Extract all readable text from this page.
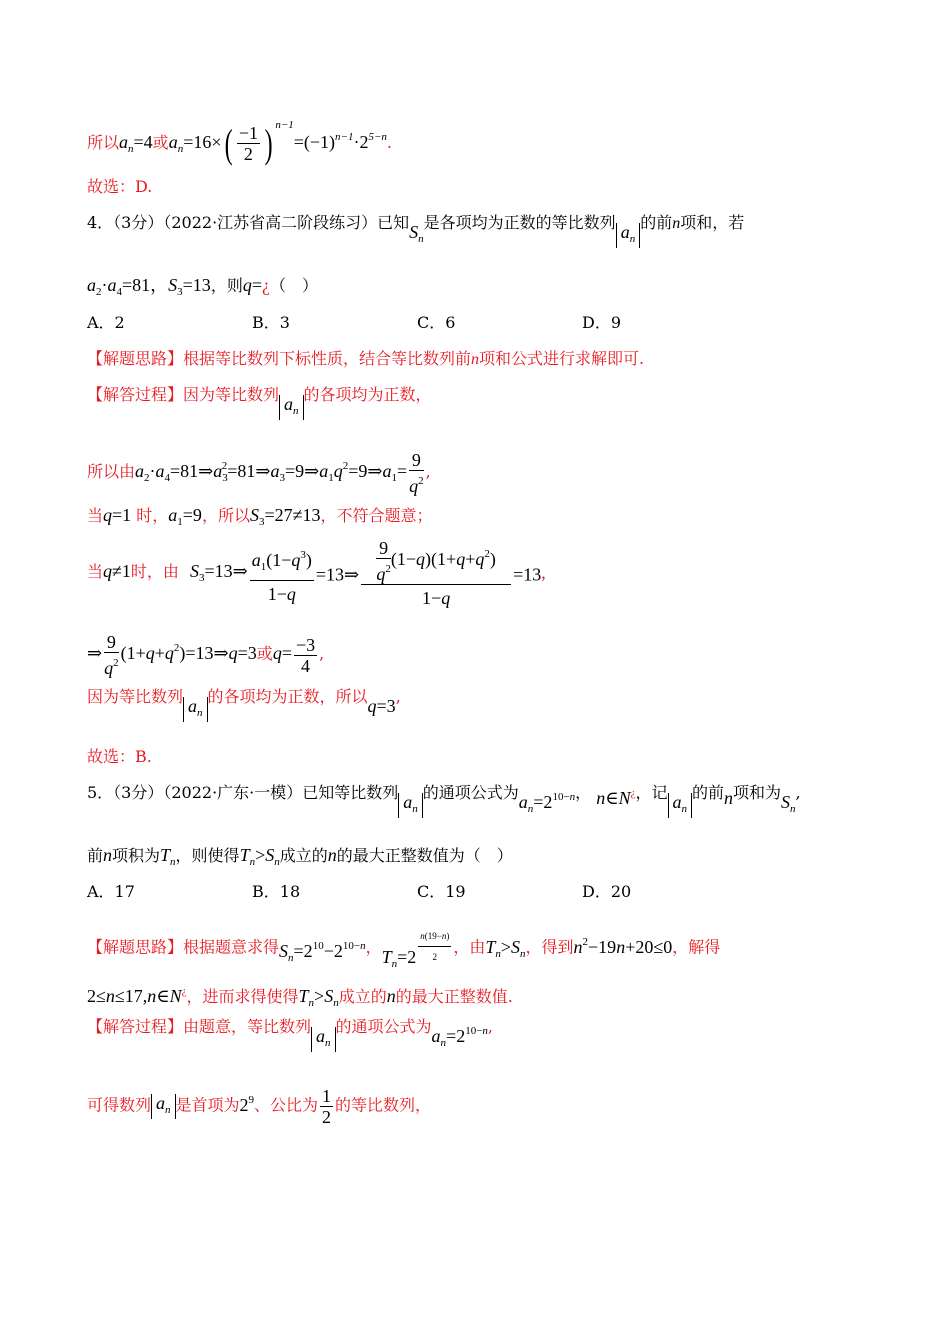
所以$a_n=4$或$a_n=16\times( \frac{-1}{2}$ ) $^{n-1}=(-1)^{n-1}\cdot 2^{5-n}$.
故选：D.
4．（3分）（2022·江苏省高二阶段练习）已知$S_n$是各项均为正数的等比数列 $a_n$的前n项和，若
$a_2\cdot a_4=81$，$S_3=13$，则q=¿（　）
A．2	B．3	C．6	D．9
【解题思路】根据等比数列下标性质，结合等比数列前n项和公式进行求解即可.
【解答过程】因为等比数列 $a_n$的各项均为正数，
所以由$a_2\cdot a_4=81\Rightarrow a_3^2=81\Rightarrow a_3=9\Rightarrow a_1q^2=9\Rightarrow a_1= \frac{9}{q^2}$ ,
当q=1 时，$a_1=9$，所以$S_3=27\ne 13$，不符合题意；
当q≠1时，由 $S_3=13\Rightarrow \frac{a_1(1-q^3)}{1-q}$ =13⇒ $\frac{\frac{9}{q^2} (1-q)(1+q+q^2)}{1-q} =13$,
⇒ $\frac{9}{q^2}$ $(1+q+q^2)=13\Rightarrow q=3$或$q= \frac{-3}{4}$ ,
因为等比数列 $a_n$的各项均为正数，所以q=3,
故选：B.
5．（3分）（2022·广东·一模）已知等比数列 $a_n$的通项公式为$a_n=2^{10-n}$， n∈N¿，记 $a_n$的前n项和为$S_n$,
前n项积为$T_n$，则使得$T_n>S_n$成立的n的最大正整数值为（　）
A．17	B．18	C．19	D．20
【解题思路】根据题意求得$S_n=2^{10}-2^{10-n}$，$T_n=2$ $^{\frac{n(19-n)}{2}}$ ，由$T_n>S_n$，得到$n^2-19n+20\le 0$，解得
2≤n≤17,n∈N¿，进而求得使得$T_n>S_n$成立的n的最大正整数值.
【解答过程】由题意，等比数列 $a_n$的通项公式为$a_n=2^{10-n}$,
可得数列 $a_n$ 是首项为$2^9$、公比为 $\frac{1}{2}$ 的等比数列，
